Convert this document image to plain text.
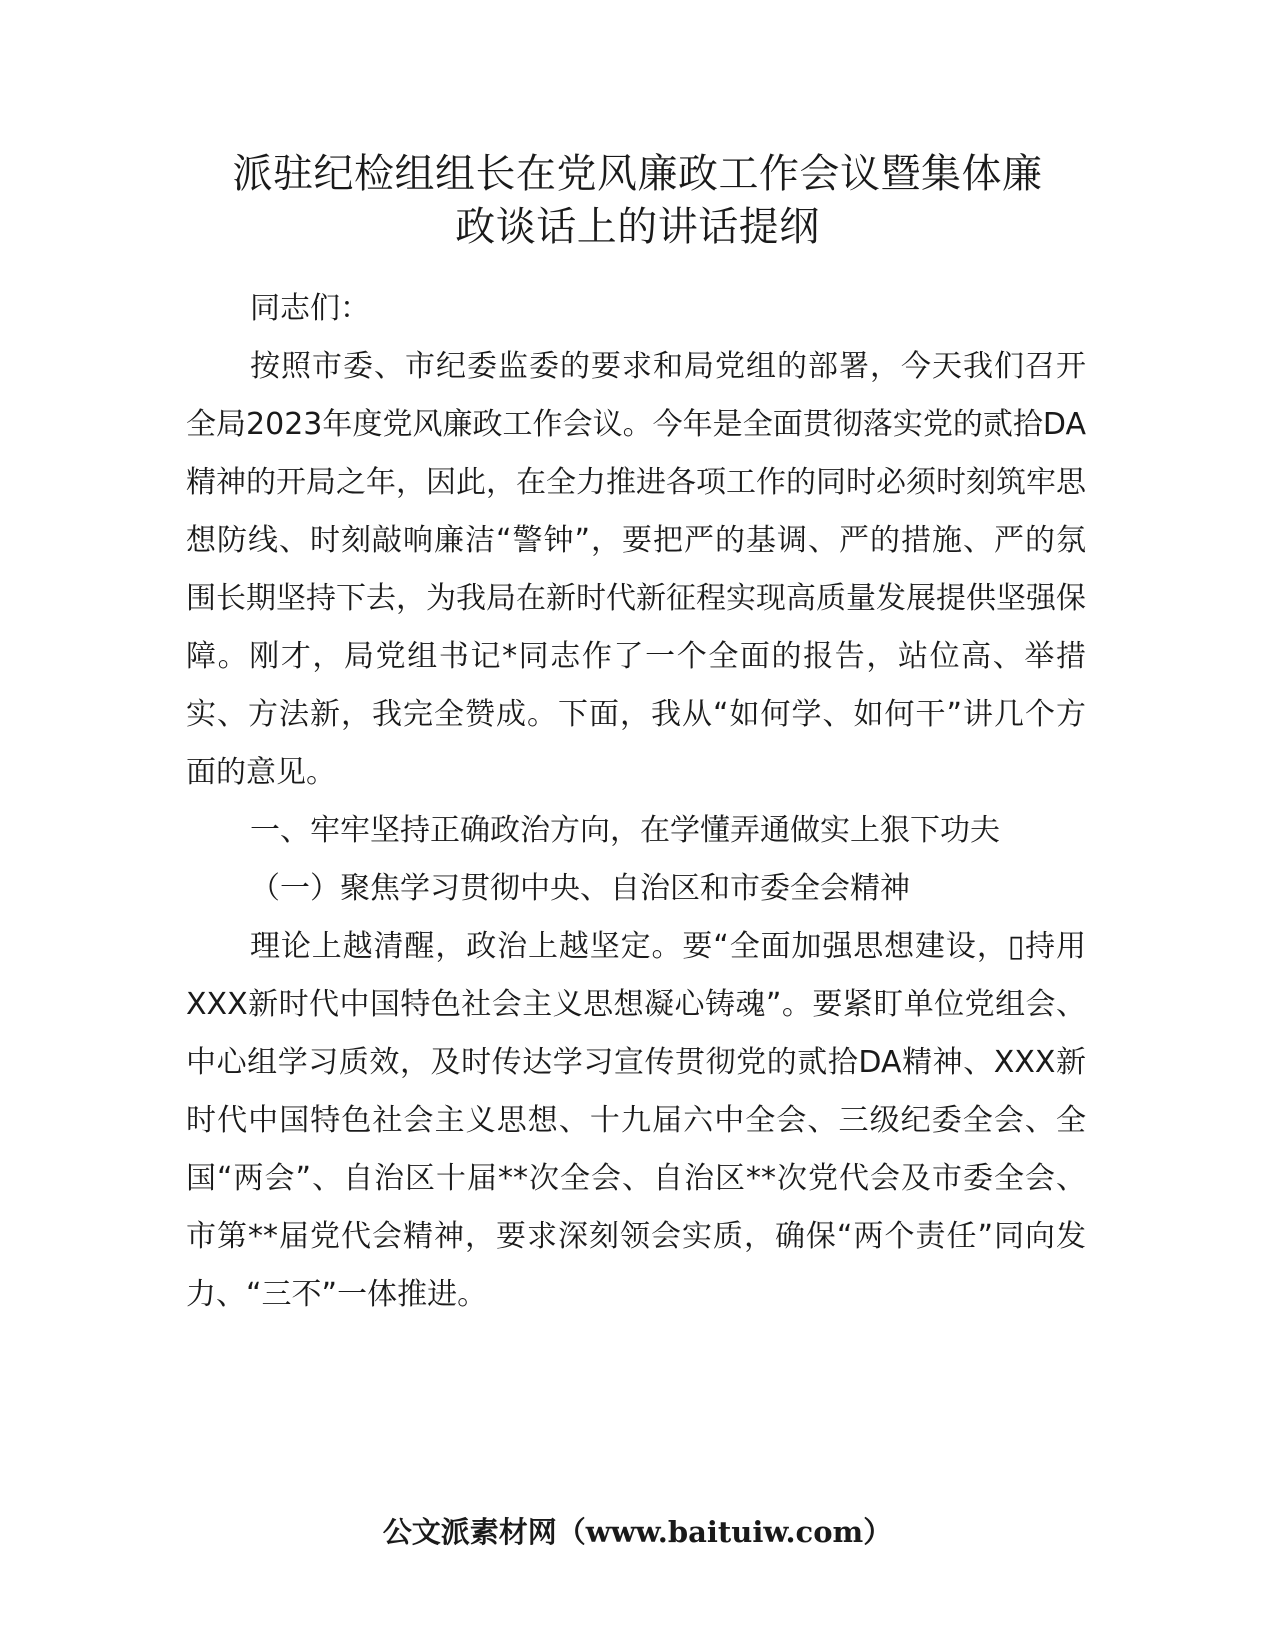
派驻纪检组组长在党风廉政工作会议暨集体廉
政谈话上的讲话提纲

同志们：

按照市委、市纪委监委的要求和局党组的部署，今天我们召开全局2023年度党风廉政工作会议。今年是全面贯彻落实党的贰拾DA精神的开局之年，因此，在全力推进各项工作的同时必须时刻筑牢思想防线、时刻敲响廉洁“警钟”，要把严的基调、严的措施、严的氛围长期坚持下去，为我局在新时代新征程实现高质量发展提供坚强保障。刚才，局党组书记*同志作了一个全面的报告，站位高、举措实、方法新，我完全赞成。下面，我从“如何学、如何干”讲几个方面的意见。

一、牢牢坚持正确政治方向，在学懂弄通做实上狠下功夫

（一）聚焦学习贯彻中央、自治区和市委全会精神

理论上越清醒，政治上越坚定。要“全面加强思想建设，▯持用 XXX新时代中国特色社会主义思想凝心铸魂”。要紧盯单位党组会、中心组学习质效，及时传达学习宣传贯彻党的贰拾DA精神、XXX新时代中国特色社会主义思想、十九届六中全会、三级纪委全会、全国“两会”、自治区十届**次全会、自治区**次党代会及市委全会、市第**届党代会精神，要求深刻领会实质，确保“两个责任”同向发力、“三不”一体推进。

公文派素材网（www.baituiw.com）
